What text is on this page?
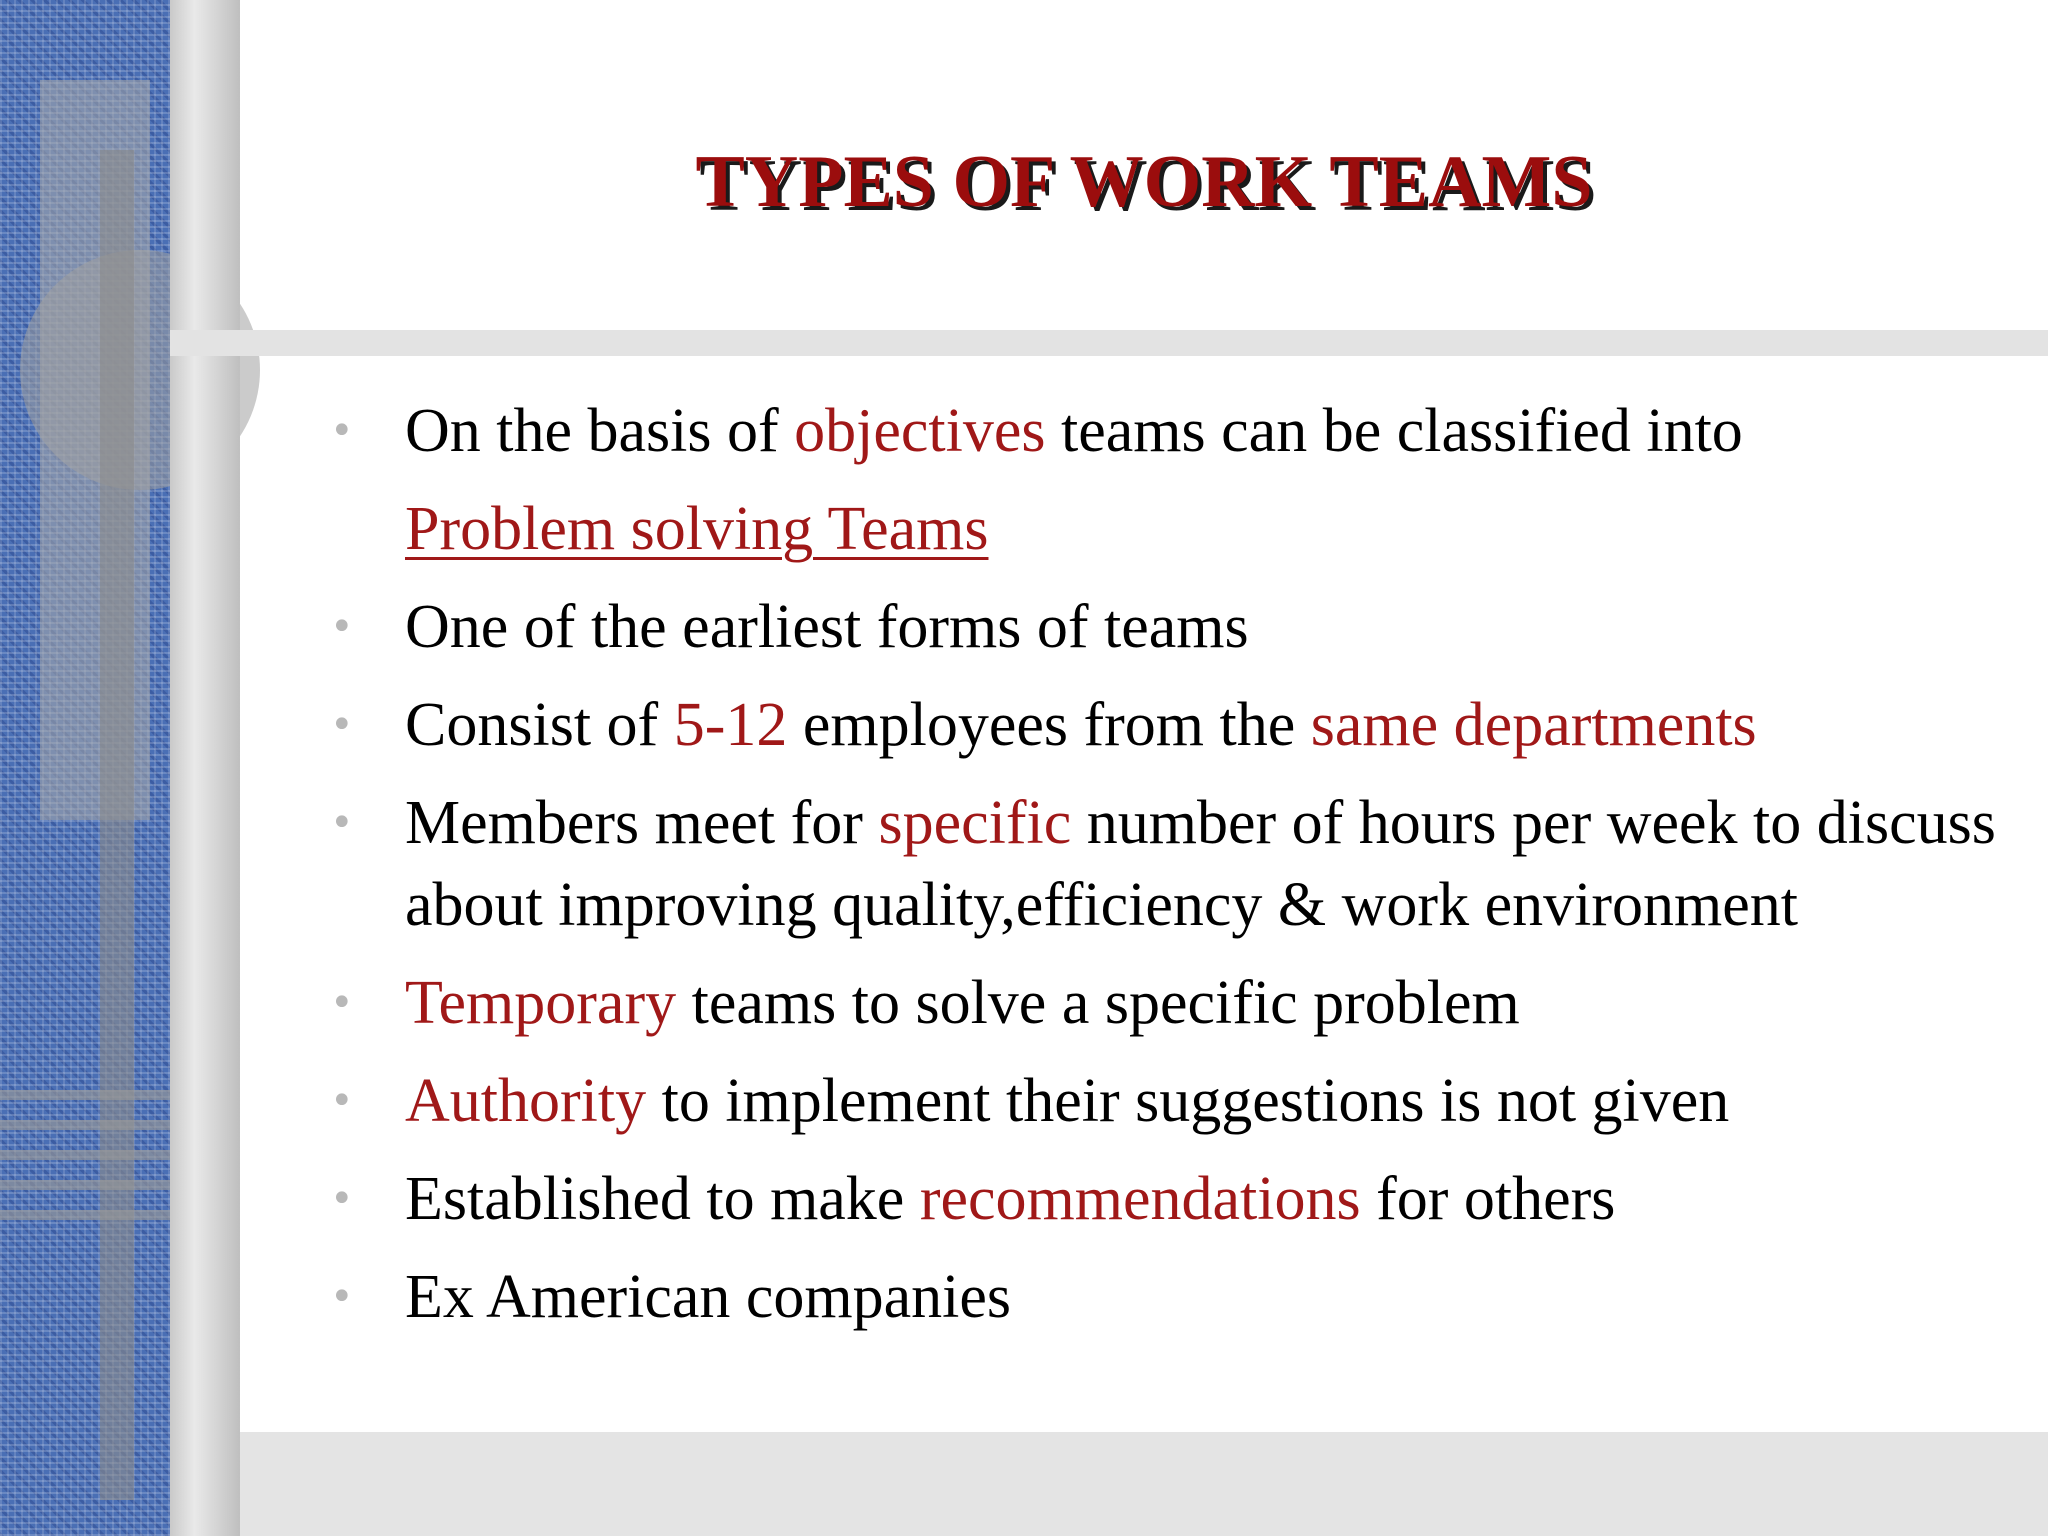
TYPES OF WORK TEAMS
• On the basis of objectives teams can be classified into
Problem solving Teams
• One of the earliest forms of teams
• Consist of 5-12 employees from the same departments
• Members meet for specific number of hours per week to discuss about improving quality,efficiency & work environment
• Temporary teams to solve a specific problem
• Authority to implement their suggestions is not given
• Established to make recommendations for others
• Ex American companies
